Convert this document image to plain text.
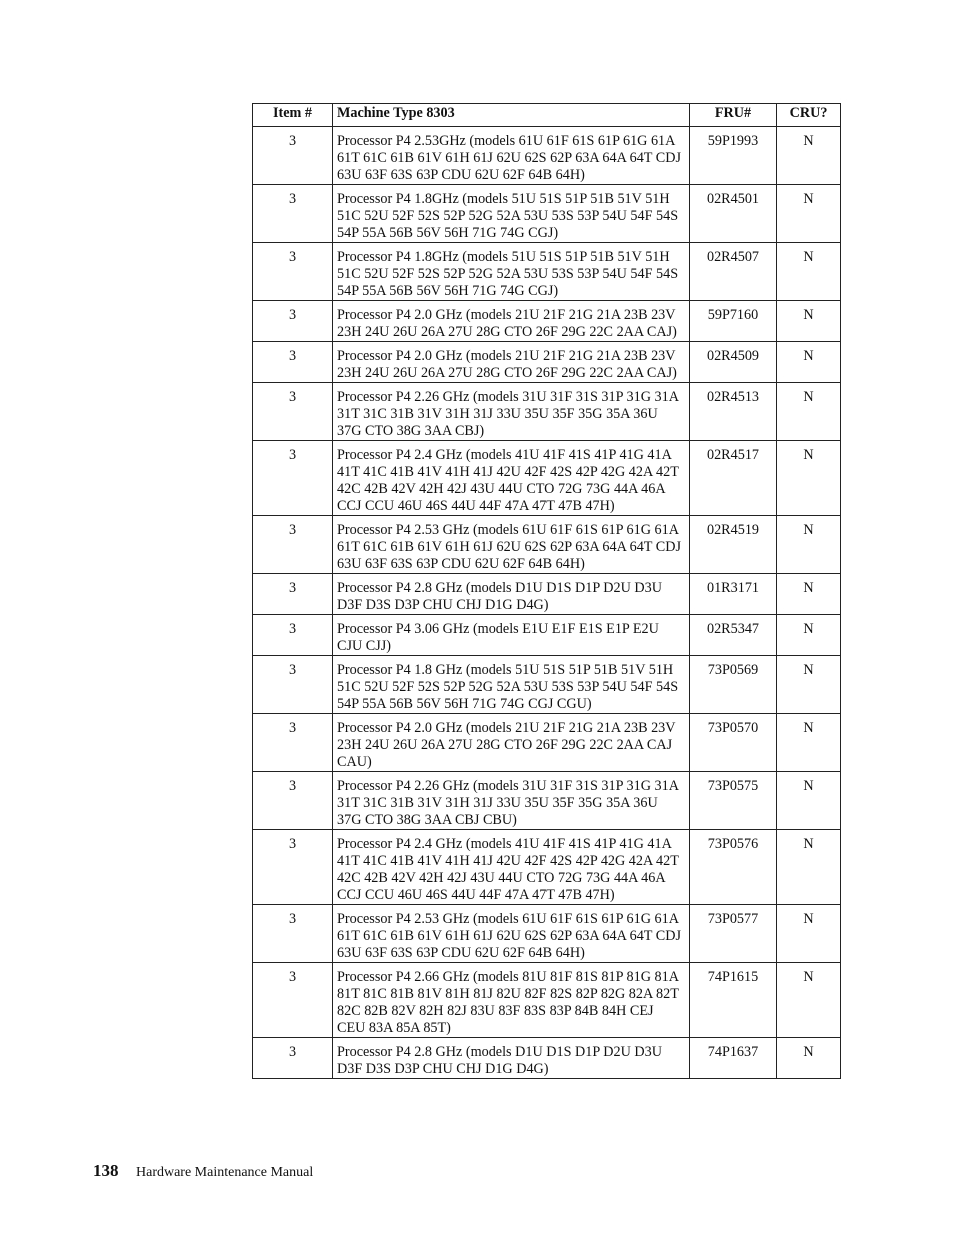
Item #	Machine Type 8303	FRU#	CRU?
3	Processor P4 2.53GHz (models 61U 61F 61S 61P 61G 61A 61T 61C 61B 61V 61H 61J 62U 62S 62P 63A 64A 64T CDJ 63U 63F 63S 63P CDU 62U 62F 64B 64H)	59P1993	N
3	Processor P4 1.8GHz (models 51U 51S 51P 51B 51V 51H 51C 52U 52F 52S 52P 52G 52A 53U 53S 53P 54U 54F 54S 54P 55A 56B 56V 56H 71G 74G CGJ)	02R4501	N
3	Processor P4 1.8GHz (models 51U 51S 51P 51B 51V 51H 51C 52U 52F 52S 52P 52G 52A 53U 53S 53P 54U 54F 54S 54P 55A 56B 56V 56H 71G 74G CGJ)	02R4507	N
3	Processor P4 2.0 GHz (models 21U 21F 21G 21A 23B 23V 23H 24U 26U 26A 27U 28G CTO 26F 29G 22C 2AA CAJ)	59P7160	N
3	Processor P4 2.0 GHz (models 21U 21F 21G 21A 23B 23V 23H 24U 26U 26A 27U 28G CTO 26F 29G 22C 2AA CAJ)	02R4509	N
3	Processor P4 2.26 GHz (models 31U 31F 31S 31P 31G 31A 31T 31C 31B 31V 31H 31J 33U 35U 35F 35G 35A 36U 37G CTO 38G 3AA CBJ)	02R4513	N
3	Processor P4 2.4 GHz (models 41U 41F 41S 41P 41G 41A 41T 41C 41B 41V 41H 41J 42U 42F 42S 42P 42G 42A 42T 42C 42B 42V 42H 42J 43U 44U CTO 72G 73G 44A 46A CCJ CCU 46U 46S 44U 44F 47A 47T 47B 47H)	02R4517	N
3	Processor P4 2.53 GHz (models 61U 61F 61S 61P 61G 61A 61T 61C 61B 61V 61H 61J 62U 62S 62P 63A 64A 64T CDJ 63U 63F 63S 63P CDU 62U 62F 64B 64H)	02R4519	N
3	Processor P4 2.8 GHz (models D1U D1S D1P D2U D3U D3F D3S D3P CHU CHJ D1G D4G)	01R3171	N
3	Processor P4 3.06 GHz (models E1U E1F E1S E1P E2U CJU CJJ)	02R5347	N
3	Processor P4 1.8 GHz (models 51U 51S 51P 51B 51V 51H 51C 52U 52F 52S 52P 52G 52A 53U 53S 53P 54U 54F 54S 54P 55A 56B 56V 56H 71G 74G CGJ CGU)	73P0569	N
3	Processor P4 2.0 GHz (models 21U 21F 21G 21A 23B 23V 23H 24U 26U 26A 27U 28G CTO 26F 29G 22C 2AA CAJ CAU)	73P0570	N
3	Processor P4 2.26 GHz (models 31U 31F 31S 31P 31G 31A 31T 31C 31B 31V 31H 31J 33U 35U 35F 35G 35A 36U 37G CTO 38G 3AA CBJ CBU)	73P0575	N
3	Processor P4 2.4 GHz (models 41U 41F 41S 41P 41G 41A 41T 41C 41B 41V 41H 41J 42U 42F 42S 42P 42G 42A 42T 42C 42B 42V 42H 42J 43U 44U CTO 72G 73G 44A 46A CCJ CCU 46U 46S 44U 44F 47A 47T 47B 47H)	73P0576	N
3	Processor P4 2.53 GHz (models 61U 61F 61S 61P 61G 61A 61T 61C 61B 61V 61H 61J 62U 62S 62P 63A 64A 64T CDJ 63U 63F 63S 63P CDU 62U 62F 64B 64H)	73P0577	N
3	Processor P4 2.66 GHz (models 81U 81F 81S 81P 81G 81A 81T 81C 81B 81V 81H 81J 82U 82F 82S 82P 82G 82A 82T 82C 82B 82V 82H 82J 83U 83F 83S 83P 84B 84H CEJ CEU 83A 85A 85T)	74P1615	N
3	Processor P4 2.8 GHz (models D1U D1S D1P D2U D3U D3F D3S D3P CHU CHJ D1G D4G)	74P1637	N
138 Hardware Maintenance Manual
